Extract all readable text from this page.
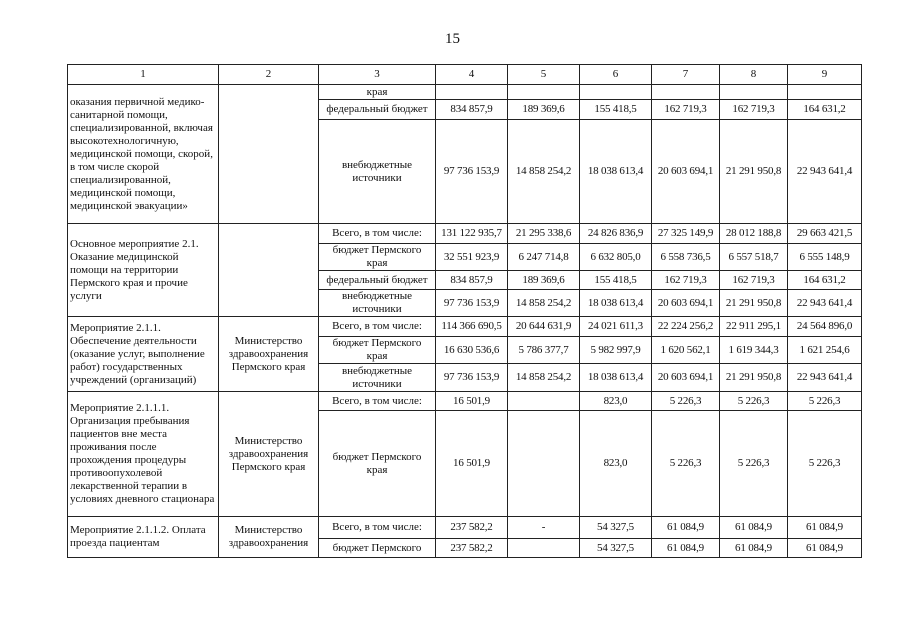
15
1	2	3	4	5	6	7	8	9
оказания первичной медико-санитарной помощи, специализированной, включая высокотехнологичную, медицинской помощи, скорой, в том числе скорой специализированной, медицинской помощи, медицинской эвакуации»		края						
		федеральный бюджет	834 857,9	189 369,6	155 418,5	162 719,3	162 719,3	164 631,2
		внебюджетные источники	97 736 153,9	14 858 254,2	18 038 613,4	20 603 694,1	21 291 950,8	22 943 641,4
Основное мероприятие 2.1. Оказание медицинской помощи на территории Пермского края и прочие услуги		Всего, в том числе:	131 122 935,7	21 295 338,6	24 826 836,9	27 325 149,9	28 012 188,8	29 663 421,5
		бюджет Пермского края	32 551 923,9	6 247 714,8	6 632 805,0	6 558 736,5	6 557 518,7	6 555 148,9
		федеральный бюджет	834 857,9	189 369,6	155 418,5	162 719,3	162 719,3	164 631,2
		внебюджетные источники	97 736 153,9	14 858 254,2	18 038 613,4	20 603 694,1	21 291 950,8	22 943 641,4
Мероприятие 2.1.1. Обеспечение деятельности (оказание услуг, выполнение работ) государственных учреждений (организаций)	Министерство здравоохранения Пермского края	Всего, в том числе:	114 366 690,5	20 644 631,9	24 021 611,3	22 224 256,2	22 911 295,1	24 564 896,0
		бюджет Пермского края	16 630 536,6	5 786 377,7	5 982 997,9	1 620 562,1	1 619 344,3	1 621 254,6
		внебюджетные источники	97 736 153,9	14 858 254,2	18 038 613,4	20 603 694,1	21 291 950,8	22 943 641,4
Мероприятие 2.1.1.1. Организация пребывания пациентов вне места проживания после прохождения процедуры противоопухолевой лекарственной терапии в условиях дневного стационара	Министерство здравоохранения Пермского края	Всего, в том числе:	16 501,9		823,0	5 226,3	5 226,3	5 226,3
		бюджет Пермского края	16 501,9		823,0	5 226,3	5 226,3	5 226,3
Мероприятие 2.1.1.2. Оплата проезда пациентам	Министерство здравоохранения	Всего, в том числе:	237 582,2	-	54 327,5	61 084,9	61 084,9	61 084,9
		бюджет Пермского	237 582,2		54 327,5	61 084,9	61 084,9	61 084,9
